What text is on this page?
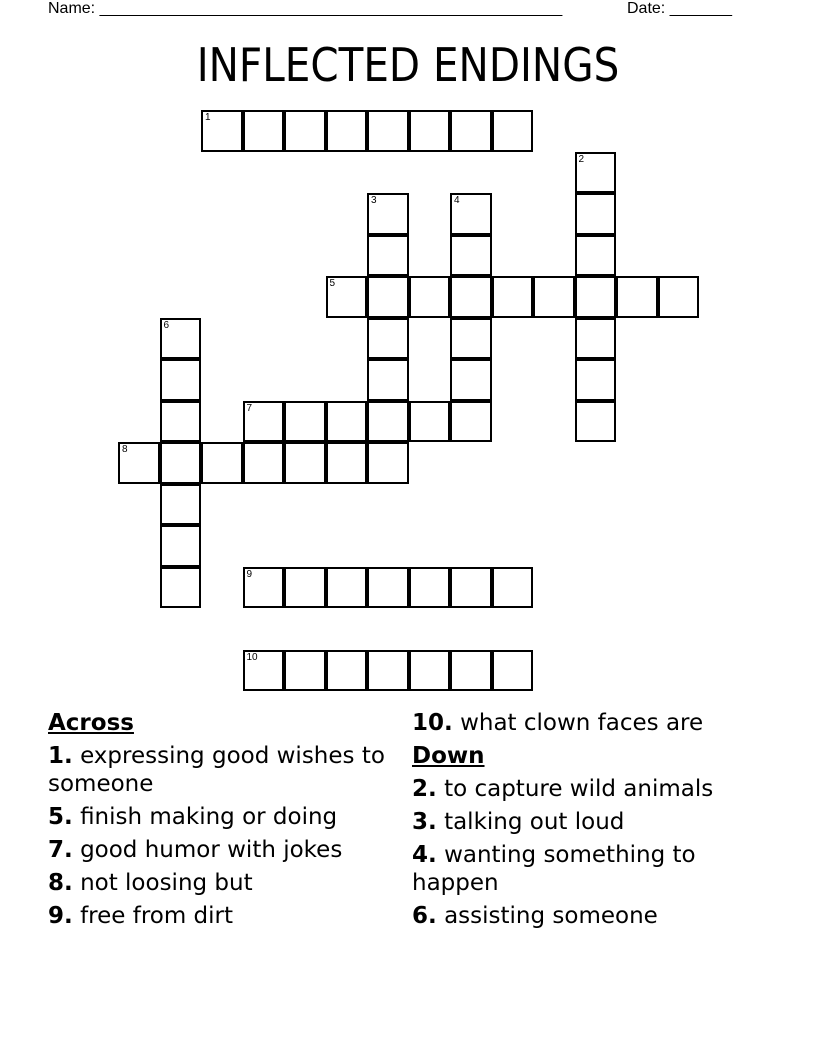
Name: ____________________________________________________	Date: _______
INFLECTED ENDINGS
1
2
3	4
5
6
7
8
9
10
Across
1. expressing good wishes to someone
5. finish making or doing
7. good humor with jokes
8. not loosing but
9. free from dirt
10. what clown faces are
Down
2. to capture wild animals
3. talking out loud
4. wanting something to happen
6. assisting someone
